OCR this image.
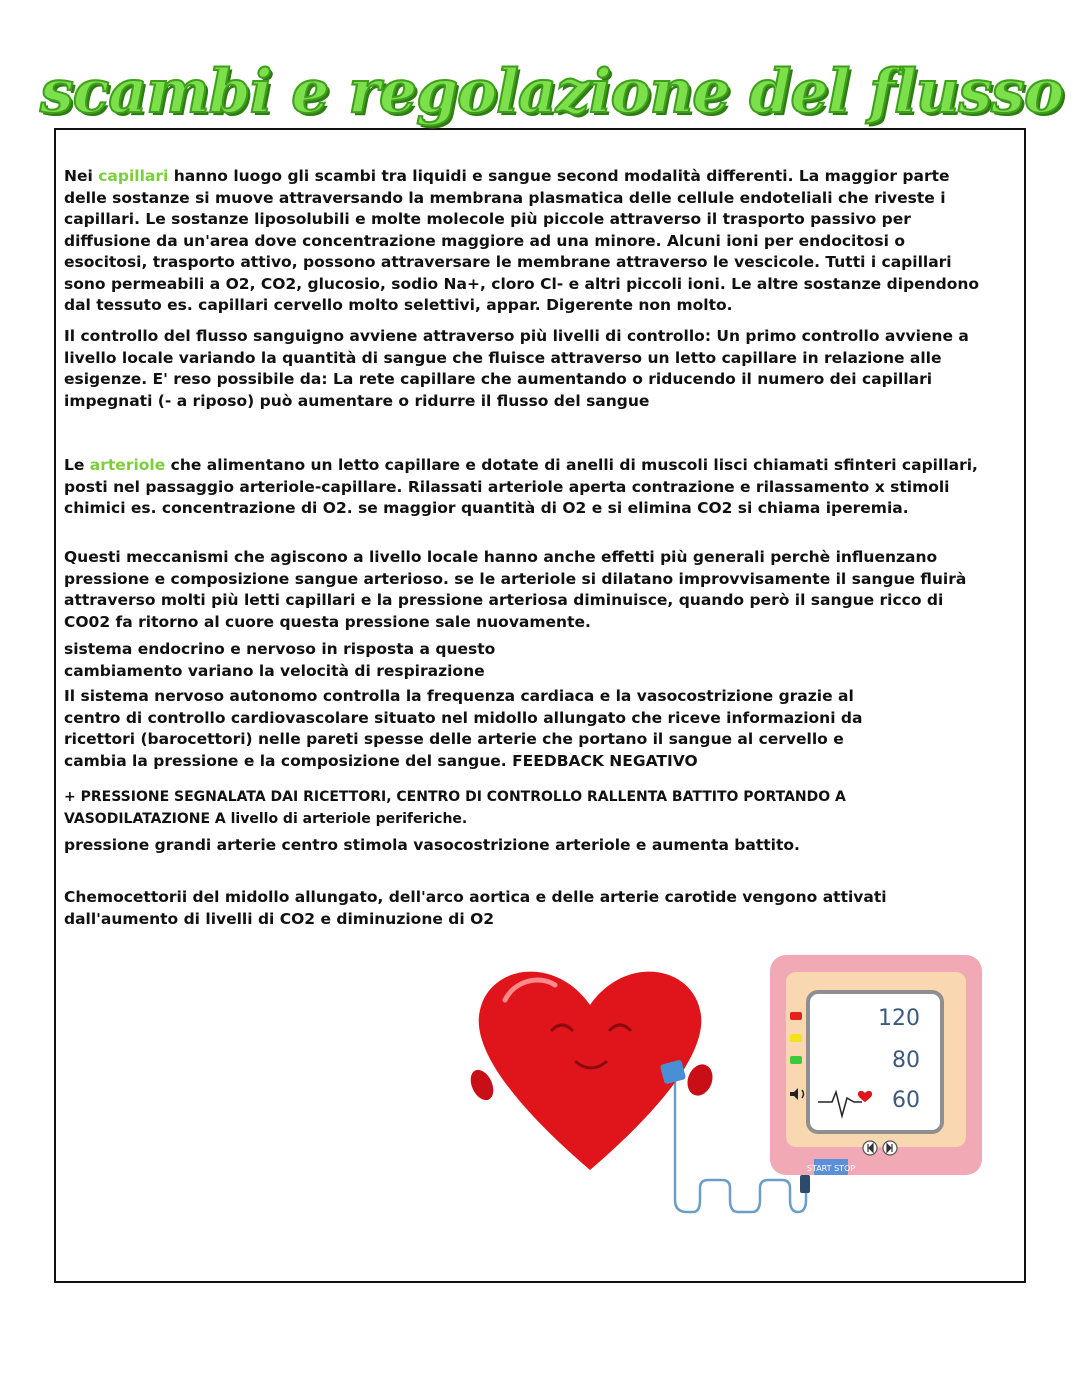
scambi e regolazione del flusso

Nei capillari hanno luogo gli scambi tra liquidi e sangue second modalità differenti. La maggior parte delle sostanze si muove attraversando la membrana plasmatica delle cellule endoteliali che riveste i capillari. Le sostanze liposolubili e molte molecole più piccole attraverso il trasporto passivo per diffusione da un'area dove concentrazione maggiore ad una minore. Alcuni ioni per endocitosi o esocitosi, trasporto attivo, possono attraversare le membrane attraverso le vescicole. Tutti i capillari sono permeabili a O2, CO2, glucosio, sodio Na+, cloro Cl- e altri piccoli ioni. Le altre sostanze dipendono dal tessuto es. capillari cervello molto selettivi, appar. Digerente non molto.

Il controllo del flusso sanguigno avviene attraverso più livelli di controllo: Un primo controllo avviene a livello locale variando la quantità di sangue che fluisce attraverso un letto capillare in relazione alle esigenze. E' reso possibile da: La rete capillare che aumentando o riducendo il numero dei capillari impegnati (- a riposo) può aumentare o ridurre il flusso del sangue

Le arteriole che alimentano un letto capillare e dotate di anelli di muscoli lisci chiamati sfinteri capillari, posti nel passaggio arteriole-capillare. Rilassati arteriole aperta contrazione e rilassamento x stimoli chimici es. concentrazione di O2. se maggior quantità di O2 e si elimina CO2 si chiama iperemia.

Questi meccanismi che agiscono a livello locale hanno anche effetti più generali perchè influenzano pressione e composizione sangue arterioso. se le arteriole si dilatano improvvisamente il sangue fluirà attraverso molti più letti capillari e la pressione arteriosa diminuisce, quando però il sangue ricco di CO02 fa ritorno al cuore questa pressione sale nuovamente.

sistema endocrino e nervoso in risposta a questo cambiamento variano la velocità di respirazione

Il sistema nervoso autonomo controlla la frequenza cardiaca e la vasocostrizione grazie al centro di controllo cardiovascolare situato nel midollo allungato che riceve informazioni da ricettori (barocettori) nelle pareti spesse delle arterie che portano il sangue al cervello e cambia la pressione e la composizione del sangue. FEEDBACK NEGATIVO

+ PRESSIONE SEGNALATA DAI RICETTORI, CENTRO DI CONTROLLO RALLENTA BATTITO PORTANDO A VASODILATAZIONE A livello di arteriole periferiche.

pressione grandi arterie centro stimola vasocostrizione arteriole e aumenta battito.

Chemocettorii del midollo allungato, dell'arco aortica e delle arterie carotide vengono attivati dall'aumento di livelli di CO2 e diminuzione di O2

120
80
60
START STOP
